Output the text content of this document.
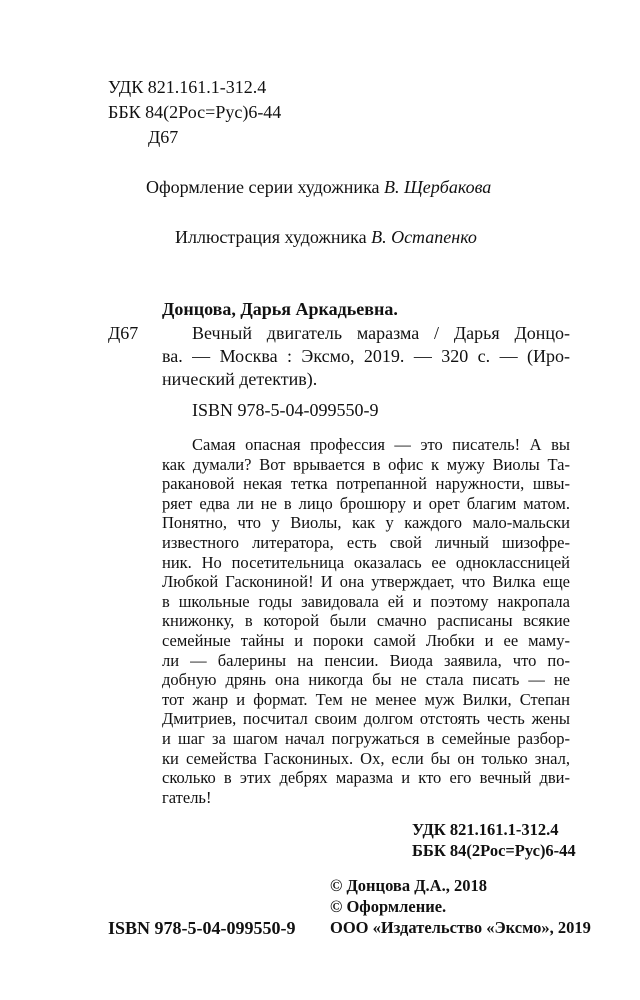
УДК 821.161.1-312.4
ББК 84(2Рос=Рус)6-44
Д67
Оформление серии художника В. Щербакова
Иллюстрация художника В. Остапенко
Донцова, Дарья Аркадьевна.
Д67	Вечный двигатель маразма / Дарья Донцо-
ва. — Москва : Эксмо, 2019. — 320 с. — (Иро-
нический детектив).
ISBN 978-5-04-099550-9
Самая опасная профессия — это писатель! А вы
как думали? Вот врывается в офис к мужу Виолы Та-
ракановой некая тетка потрепанной наружности, швы-
ряет едва ли не в лицо брошюру и орет благим матом.
Понятно, что у Виолы, как у каждого мало-мальски
известного литератора, есть свой личный шизофре-
ник. Но посетительница оказалась ее одноклассницей
Любкой Гаскониной! И она утверждает, что Вилка еще
в школьные годы завидовала ей и поэтому накропала
книжонку, в которой были смачно расписаны всякие
семейные тайны и пороки самой Любки и ее маму-
ли — балерины на пенсии. Виода заявила, что по-
добную дрянь она никогда бы не стала писать — не
тот жанр и формат. Тем не менее муж Вилки, Степан
Дмитриев, посчитал своим долгом отстоять честь жены
и шаг за шагом начал погружаться в семейные разбор-
ки семейства Гаскониных. Ох, если бы он только знал,
сколько в этих дебрях маразма и кто его вечный дви-
гатель!
УДК 821.161.1-312.4
ББК 84(2Рос=Рус)6-44
© Донцова Д.А., 2018
© Оформление.
ООО «Издательство «Эксмо», 2019
ISBN 978-5-04-099550-9
